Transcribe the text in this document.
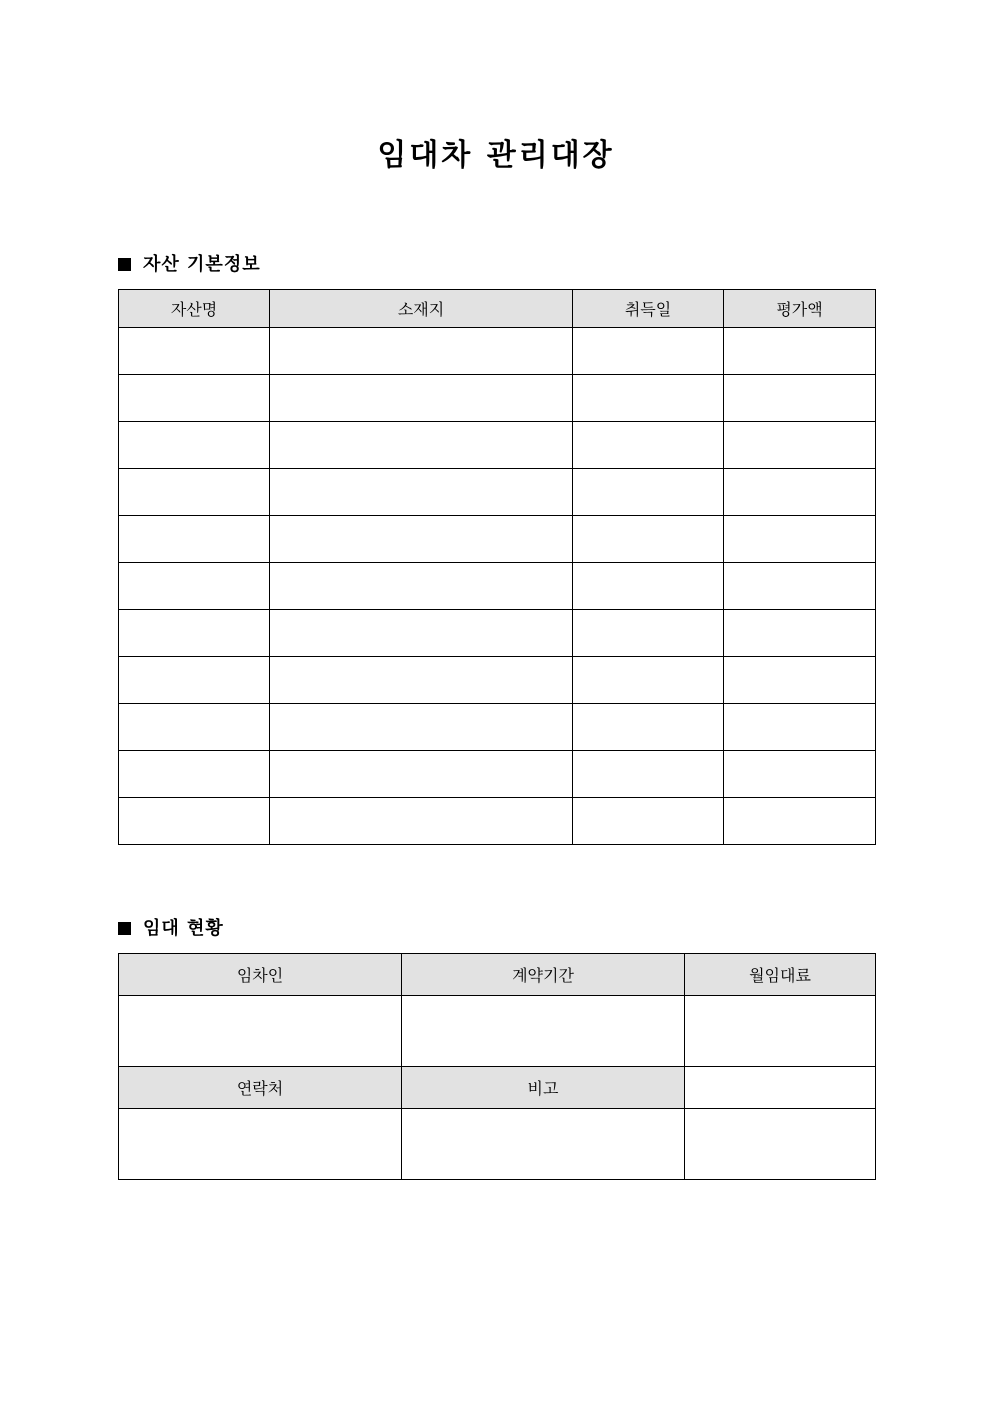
임대차 관리대장
자산 기본정보
자산명	소재지	취득일	평가액

임대 현황
임차인	계약기간	월임대료

연락처	비고	
